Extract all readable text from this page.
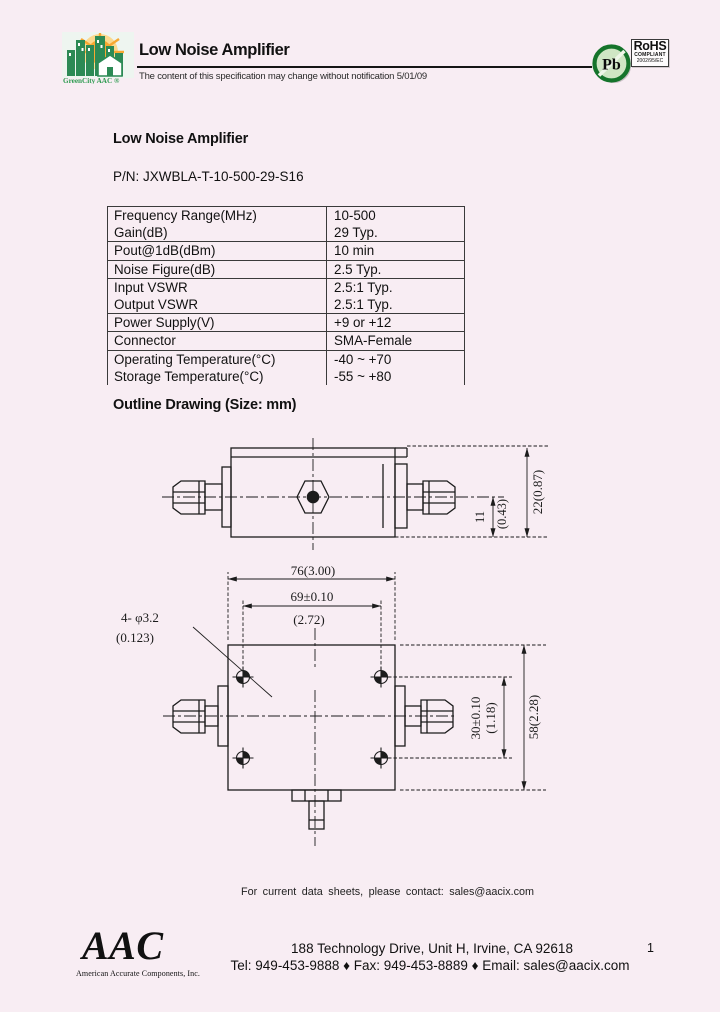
GreenCity AAC ®
Low Noise Amplifier
The content of this specification may change without notification 5/01/09
Pb
RoHS
COMPLIANT
2002/95/EC
Low Noise Amplifier
P/N: JXWBLA-T-10-500-29-S16
Frequency Range(MHz)	10-500
Gain(dB)	29 Typ.
Pout@1dB(dBm)	10 min
Noise Figure(dB)	2.5 Typ.
Input VSWR	2.5:1 Typ.
Output VSWR	2.5:1 Typ.
Power Supply(V)	+9 or +12
Connector	SMA-Female
Operating Temperature(°C)	-40 ~ +70
Storage Temperature(°C)	-55 ~ +80
Outline Drawing (Size: mm)
11 (0.43) 22(0.87)
76(3.00)
69±0.10
(2.72)
4- φ3.2
(0.123)
30±0.10 (1.18) 58(2.28)
For current data sheets, please contact: sales@aacix.com
AAC
American Accurate Components, Inc.
188 Technology Drive, Unit H, Irvine, CA 92618
Tel: 949-453-9888 ♦ Fax: 949-453-8889 ♦ Email: sales@aacix.com
1
